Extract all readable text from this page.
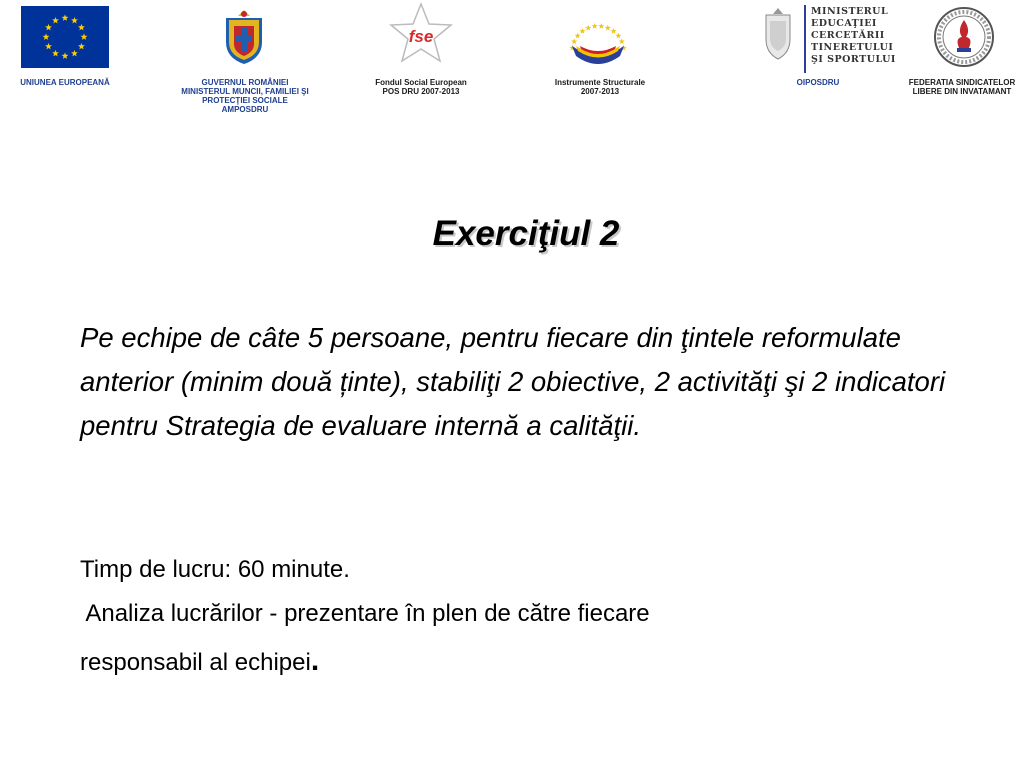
UNIUNEA EUROPEANĂ	GUVERNUL ROMÂNIEI
MINISTERUL MUNCII, FAMILIEI ŞI
PROTECŢIEI SOCIALE
AMPOSDRU
fse
Fondul Social European
POS DRU 2007-2013
Instrumente Structurale
2007-2013
MINISTERUL
EDUCAŢIEI
CERCETĂRII
TINERETULUI
ŞI SPORTULUI
OIPOSDRU	FEDERATIA SINDICATELOR
LIBERE DIN INVATAMANT
Exerciţiul 2

Pe echipe de câte 5 persoane, pentru fiecare din ţintele reformulate anterior (minim două ținte), stabiliţi 2 obiective, 2 activităţi şi 2 indicatori pentru Strategia de evaluare internă a calităţii.

Timp de lucru: 60 minute.

Analiza lucrărilor - prezentare în plen de către fiecare

responsabil al echipei.
